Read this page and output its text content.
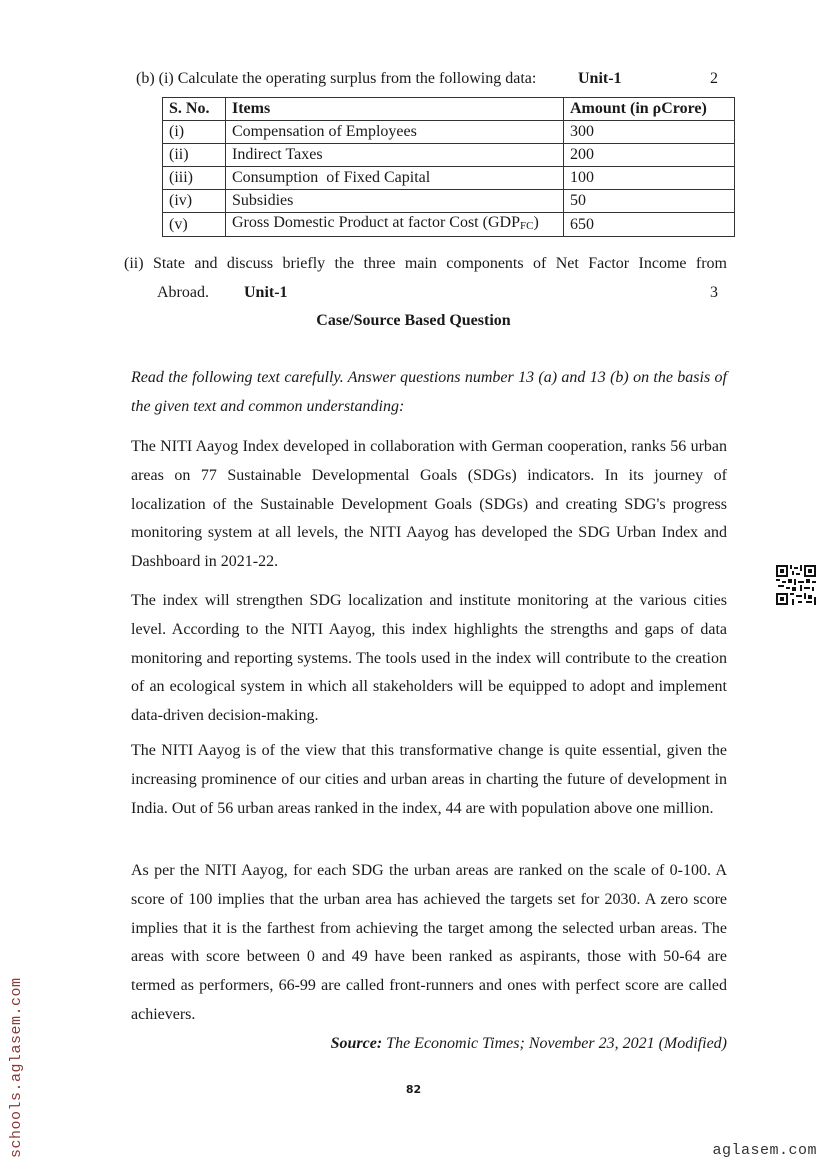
(b) (i) Calculate the operating surplus from the following data:	Unit-1	2
S. No.	Items	Amount (in ρCrore)
(i)	Compensation of Employees	300
(ii)	Indirect Taxes	200
(iii)	Consumption  of Fixed Capital	100
(iv)	Subsidies	50
(v)	Gross Domestic Product at factor Cost $(GDP_{FC})$	650
(ii) State and discuss briefly the three main components of Net Factor Income from
Abroad. Unit-1	3
Case/Source Based Question
Read the following text carefully. Answer questions number 13 (a) and 13 (b) on the basis of the given text and common understanding:
The NITI Aayog Index developed in collaboration with German cooperation, ranks 56 urban areas on 77 Sustainable Developmental Goals (SDGs) indicators. In its journey of localization of the Sustainable Development Goals (SDGs) and creating SDG's progress monitoring system at all levels, the NITI Aayog has developed the SDG Urban Index and Dashboard in 2021-22.
The index will strengthen SDG localization and institute monitoring at the various cities level. According to the NITI Aayog, this index highlights the strengths and gaps of data monitoring and reporting systems. The tools used in the index will contribute to the creation of an ecological system in which all stakeholders will be equipped to adopt and implement data-driven decision-making.
The NITI Aayog is of the view that this transformative change is quite essential, given the increasing prominence of our cities and urban areas in charting the future of development in India. Out of 56 urban areas ranked in the index, 44 are with population above one million.
As per the NITI Aayog, for each SDG the urban areas are ranked on the scale of 0-100. A score of 100 implies that the urban area has achieved the targets set for 2030. A zero score implies that it is the farthest from achieving the target among the selected urban areas. The areas with score between 0 and 49 have been ranked as aspirants, those with 50-64 are termed as performers, 66-99 are called front-runners and ones with perfect score are called achievers.
Source: The Economic Times; November 23, 2021 (Modified)
82
schools.aglasem.com	aglasem.com
